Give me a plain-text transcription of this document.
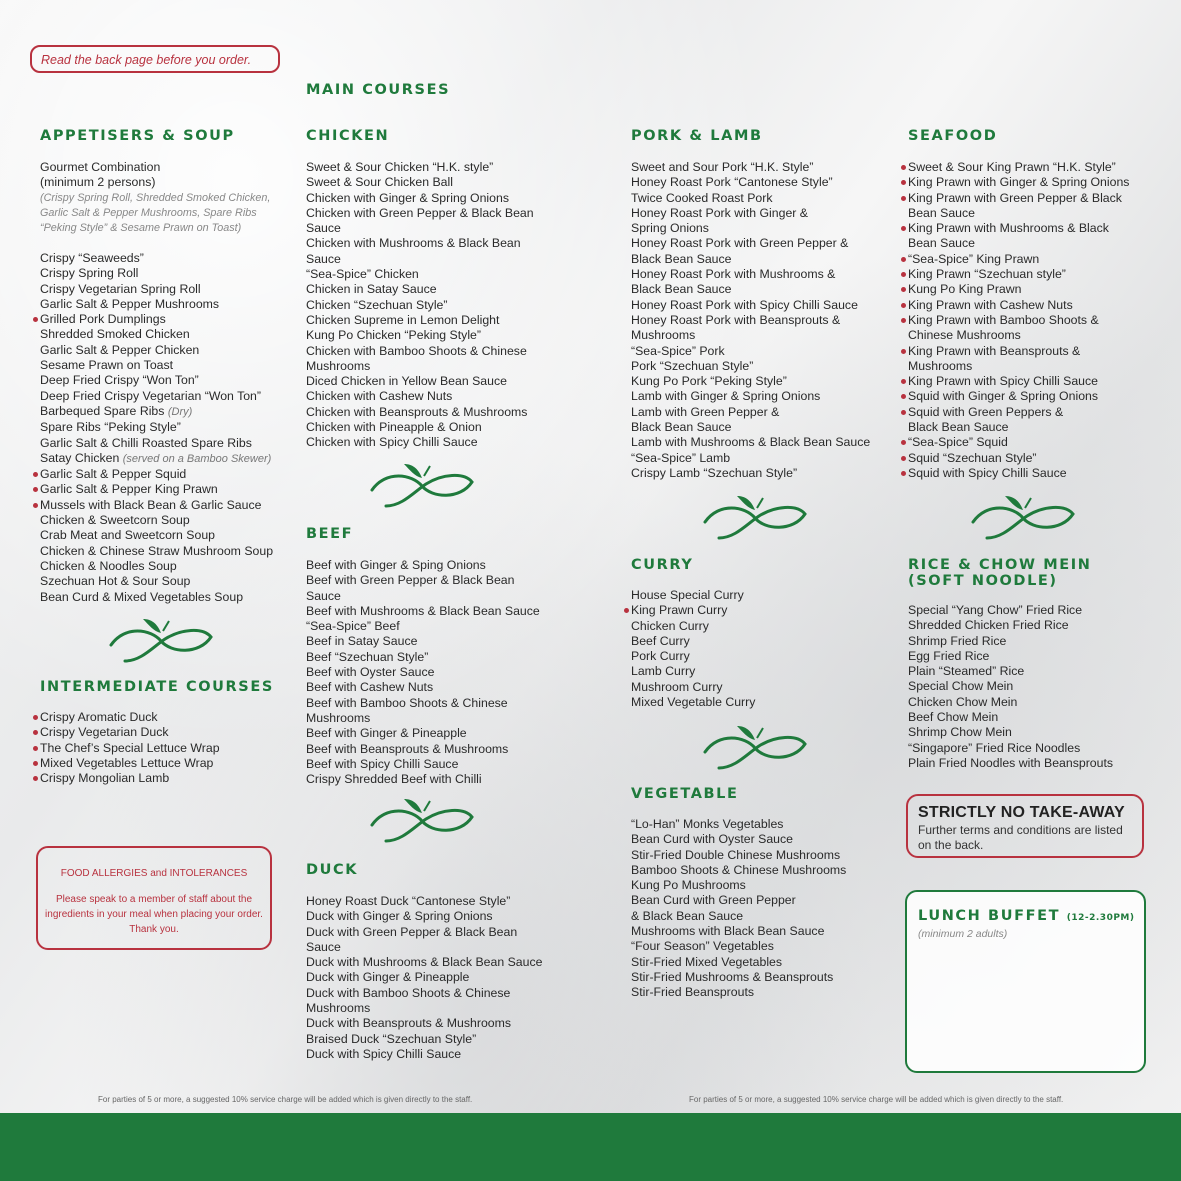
Read the back page before you order.
MAIN COURSES
APPETISERS & SOUP
Gourmet Combination
(minimum 2 persons)
(Crispy Spring Roll, Shredded Smoked Chicken,
Garlic Salt & Pepper Mushrooms, Spare Ribs
“Peking Style” & Sesame Prawn on Toast)
Crispy “Seaweeds”
Crispy Spring Roll
Crispy Vegetarian Spring Roll
Garlic Salt & Pepper Mushrooms
Grilled Pork Dumplings
Shredded Smoked Chicken
Garlic Salt & Pepper Chicken
Sesame Prawn on Toast
Deep Fried Crispy “Won Ton”
Deep Fried Crispy Vegetarian “Won Ton”
Barbequed Spare Ribs (Dry)
Spare Ribs “Peking Style”
Garlic Salt & Chilli Roasted Spare Ribs
Satay Chicken (served on a Bamboo Skewer)
Garlic Salt & Pepper Squid
Garlic Salt & Pepper King Prawn
Mussels with Black Bean & Garlic Sauce
Chicken & Sweetcorn Soup
Crab Meat and Sweetcorn Soup
Chicken & Chinese Straw Mushroom Soup
Chicken & Noodles Soup
Szechuan Hot & Sour Soup
Bean Curd & Mixed Vegetables Soup
INTERMEDIATE COURSES
Crispy Aromatic Duck
Crispy Vegetarian Duck
The Chef’s Special Lettuce Wrap
Mixed Vegetables Lettuce Wrap
Crispy Mongolian Lamb
FOOD ALLERGIES and INTOLERANCES
Please speak to a member of staff about the
ingredients in your meal when placing your order.
Thank you.
For parties of 5 or more, a suggested 10% service charge will be added which is given directly to the staff.
CHICKEN
Sweet & Sour Chicken “H.K. style”
Sweet & Sour Chicken Ball
Chicken with Ginger & Spring Onions
Chicken with Green Pepper & Black Bean
Sauce
Chicken with Mushrooms & Black Bean
Sauce
“Sea-Spice” Chicken
Chicken in Satay Sauce
Chicken “Szechuan Style”
Chicken Supreme in Lemon Delight
Kung Po Chicken “Peking Style”
Chicken with Bamboo Shoots & Chinese
Mushrooms
Diced Chicken in Yellow Bean Sauce
Chicken with Cashew Nuts
Chicken with Beansprouts & Mushrooms
Chicken with Pineapple & Onion
Chicken with Spicy Chilli Sauce
BEEF
Beef with Ginger & Sping Onions
Beef with Green Pepper & Black Bean
Sauce
Beef with Mushrooms & Black Bean Sauce
“Sea-Spice” Beef
Beef in Satay Sauce
Beef “Szechuan Style”
Beef with Oyster Sauce
Beef with Cashew Nuts
Beef with Bamboo Shoots & Chinese
Mushrooms
Beef with Ginger & Pineapple
Beef with Beansprouts & Mushrooms
Beef with Spicy Chilli Sauce
Crispy Shredded Beef with Chilli
DUCK
Honey Roast Duck “Cantonese Style”
Duck with Ginger & Spring Onions
Duck with Green Pepper & Black Bean
Sauce
Duck with Mushrooms & Black Bean Sauce
Duck with Ginger & Pineapple
Duck with Bamboo Shoots & Chinese
Mushrooms
Duck with Beansprouts & Mushrooms
Braised Duck “Szechuan Style”
Duck with Spicy Chilli Sauce
PORK & LAMB
Sweet and Sour Pork “H.K. Style”
Honey Roast Pork “Cantonese Style”
Twice Cooked Roast Pork
Honey Roast Pork with Ginger &
Spring Onions
Honey Roast Pork with Green Pepper &
Black Bean Sauce
Honey Roast Pork with Mushrooms &
Black Bean Sauce
Honey Roast Pork with Spicy Chilli Sauce
Honey Roast Pork with Beansprouts &
Mushrooms
“Sea-Spice” Pork
Pork “Szechuan Style”
Kung Po Pork “Peking Style”
Lamb with Ginger & Spring Onions
Lamb with Green Pepper &
Black Bean Sauce
Lamb with Mushrooms & Black Bean Sauce
“Sea-Spice” Lamb
Crispy Lamb “Szechuan Style”
CURRY
House Special Curry
King Prawn Curry
Chicken Curry
Beef Curry
Pork Curry
Lamb Curry
Mushroom Curry
Mixed Vegetable Curry
VEGETABLE
“Lo-Han” Monks Vegetables
Bean Curd with Oyster Sauce
Stir-Fried Double Chinese Mushrooms
Bamboo Shoots & Chinese Mushrooms
Kung Po Mushrooms
Bean Curd with Green Pepper
& Black Bean Sauce
Mushrooms with Black Bean Sauce
“Four Season” Vegetables
Stir-Fried Mixed Vegetables
Stir-Fried Mushrooms & Beansprouts
Stir-Fried Beansprouts
For parties of 5 or more, a suggested 10% service charge will be added which is given directly to the staff.
SEAFOOD
Sweet & Sour King Prawn “H.K. Style”
King Prawn with Ginger & Spring Onions
King Prawn with Green Pepper & Black
Bean Sauce
King Prawn with Mushrooms & Black
Bean Sauce
“Sea-Spice” King Prawn
King Prawn “Szechuan style”
Kung Po King Prawn
King Prawn with Cashew Nuts
King Prawn with Bamboo Shoots &
Chinese Mushrooms
King Prawn with Beansprouts &
Mushrooms
King Prawn with Spicy Chilli Sauce
Squid with Ginger & Spring Onions
Squid with Green Peppers &
Black Bean Sauce
“Sea-Spice” Squid
Squid “Szechuan Style”
Squid with Spicy Chilli Sauce
RICE & CHOW MEIN
(SOFT NOODLE)
Special “Yang Chow” Fried Rice
Shredded Chicken Fried Rice
Shrimp Fried Rice
Egg Fried Rice
Plain “Steamed” Rice
Special Chow Mein
Chicken Chow Mein
Beef Chow Mein
Shrimp Chow Mein
“Singapore” Fried Rice Noodles
Plain Fried Noodles with Beansprouts
STRICTLY NO TAKE-AWAY
Further terms and conditions are listed
on the back.
LUNCH BUFFET (12-2.30PM)
(minimum 2 adults)
